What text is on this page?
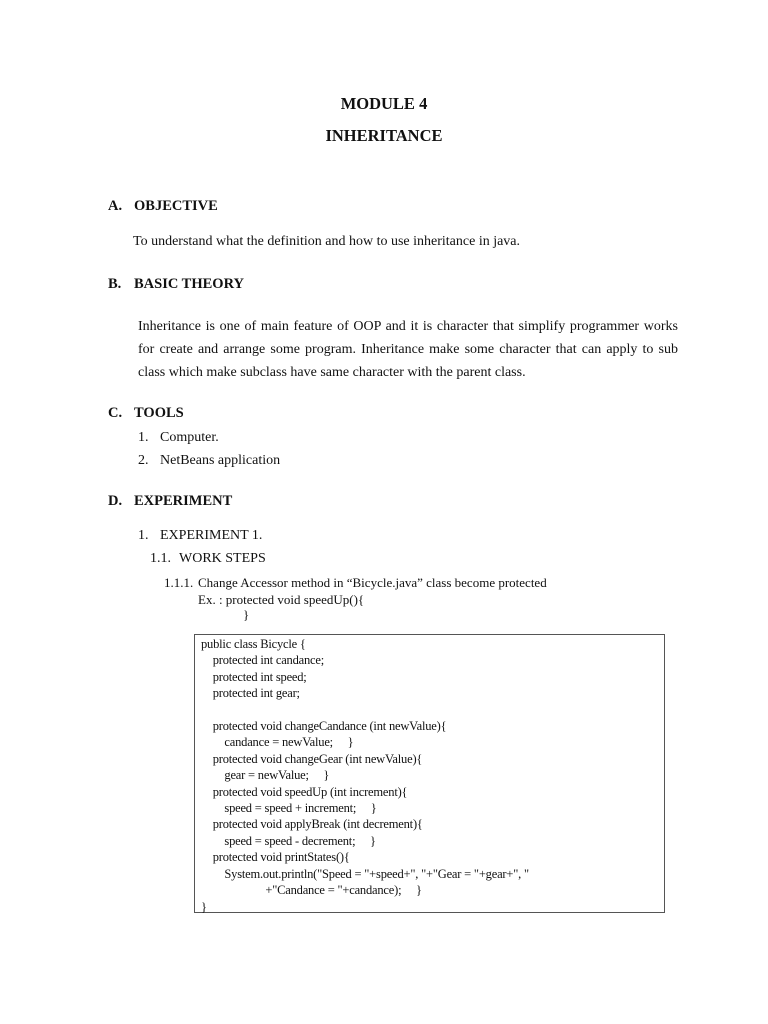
MODULE 4
INHERITANCE
A. OBJECTIVE
To understand what the definition and how to use inheritance in java.
B. BASIC THEORY
Inheritance is one of main feature of OOP and it is character that simplify programmer works for create and arrange some program. Inheritance make some character that can apply to sub class which make subclass have same character with the parent class.
C. TOOLS
1. Computer.
2. NetBeans application
D. EXPERIMENT
1. EXPERIMENT 1.
1.1. WORK STEPS
1.1.1. Change Accessor method in “Bicycle.java” class become protected
Ex. : protected void speedUp(){
}
public class Bicycle {
protected int candance;
protected int speed;
protected int gear;

protected void changeCandance (int newValue){
candance = newValue;     }
protected void changeGear (int newValue){
gear = newValue;     }
protected void speedUp (int increment){
speed = speed + increment;     }
protected void applyBreak (int decrement){
speed = speed - decrement;     }
protected void printStates(){
System.out.println("Speed = "+speed+", "+"Gear = "+gear+", "
+"Candance = "+candance);     }
}
